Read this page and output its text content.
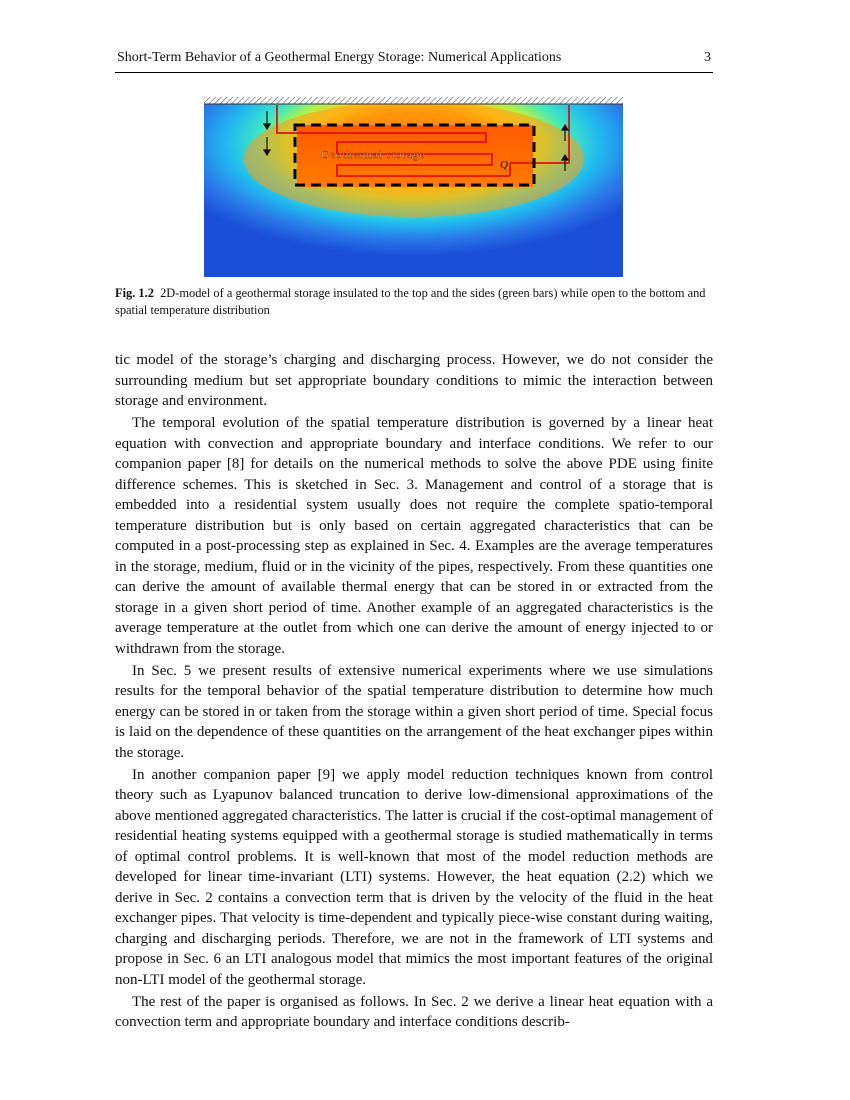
Short-Term Behavior of a Geothermal Energy Storage: Numerical Applications	3
Geothermal storage
Q
Fig. 1.2 2D-model of a geothermal storage insulated to the top and the sides (green bars) while open to the bottom and spatial temperature distribution

tic model of the storage’s charging and discharging process. However, we do not consider the surrounding medium but set appropriate boundary conditions to mimic the interaction between storage and environment.

The temporal evolution of the spatial temperature distribution is governed by a linear heat equation with convection and appropriate boundary and interface conditions. We refer to our companion paper [8] for details on the numerical methods to solve the above PDE using finite difference schemes. This is sketched in Sec. 3. Management and control of a storage that is embedded into a residential system usually does not require the complete spatio-temporal temperature distribution but is only based on certain aggregated characteristics that can be computed in a post-processing step as explained in Sec. 4. Examples are the average temperatures in the storage, medium, fluid or in the vicinity of the pipes, respectively. From these quantities one can derive the amount of available thermal energy that can be stored in or extracted from the storage in a given short period of time. Another example of an aggregated characteristics is the average temperature at the outlet from which one can derive the amount of energy injected to or withdrawn from the storage.

In Sec. 5 we present results of extensive numerical experiments where we use simulations results for the temporal behavior of the spatial temperature distribution to determine how much energy can be stored in or taken from the storage within a given short period of time. Special focus is laid on the dependence of these quantities on the arrangement of the heat exchanger pipes within the storage.

In another companion paper [9] we apply model reduction techniques known from control theory such as Lyapunov balanced truncation to derive low-dimensional approximations of the above mentioned aggregated characteristics. The latter is crucial if the cost-optimal management of residential heating systems equipped with a geothermal storage is studied mathematically in terms of optimal control problems. It is well-known that most of the model reduction methods are developed for linear time-invariant (LTI) systems. However, the heat equation (2.2) which we derive in Sec. 2 contains a convection term that is driven by the velocity of the fluid in the heat exchanger pipes. That velocity is time-dependent and typically piece-wise constant during waiting, charging and discharging periods. Therefore, we are not in the framework of LTI systems and propose in Sec. 6 an LTI analogous model that mimics the most important features of the original non-LTI model of the geothermal storage.

The rest of the paper is organised as follows. In Sec. 2 we derive a linear heat equation with a convection term and appropriate boundary and interface conditions describ-
